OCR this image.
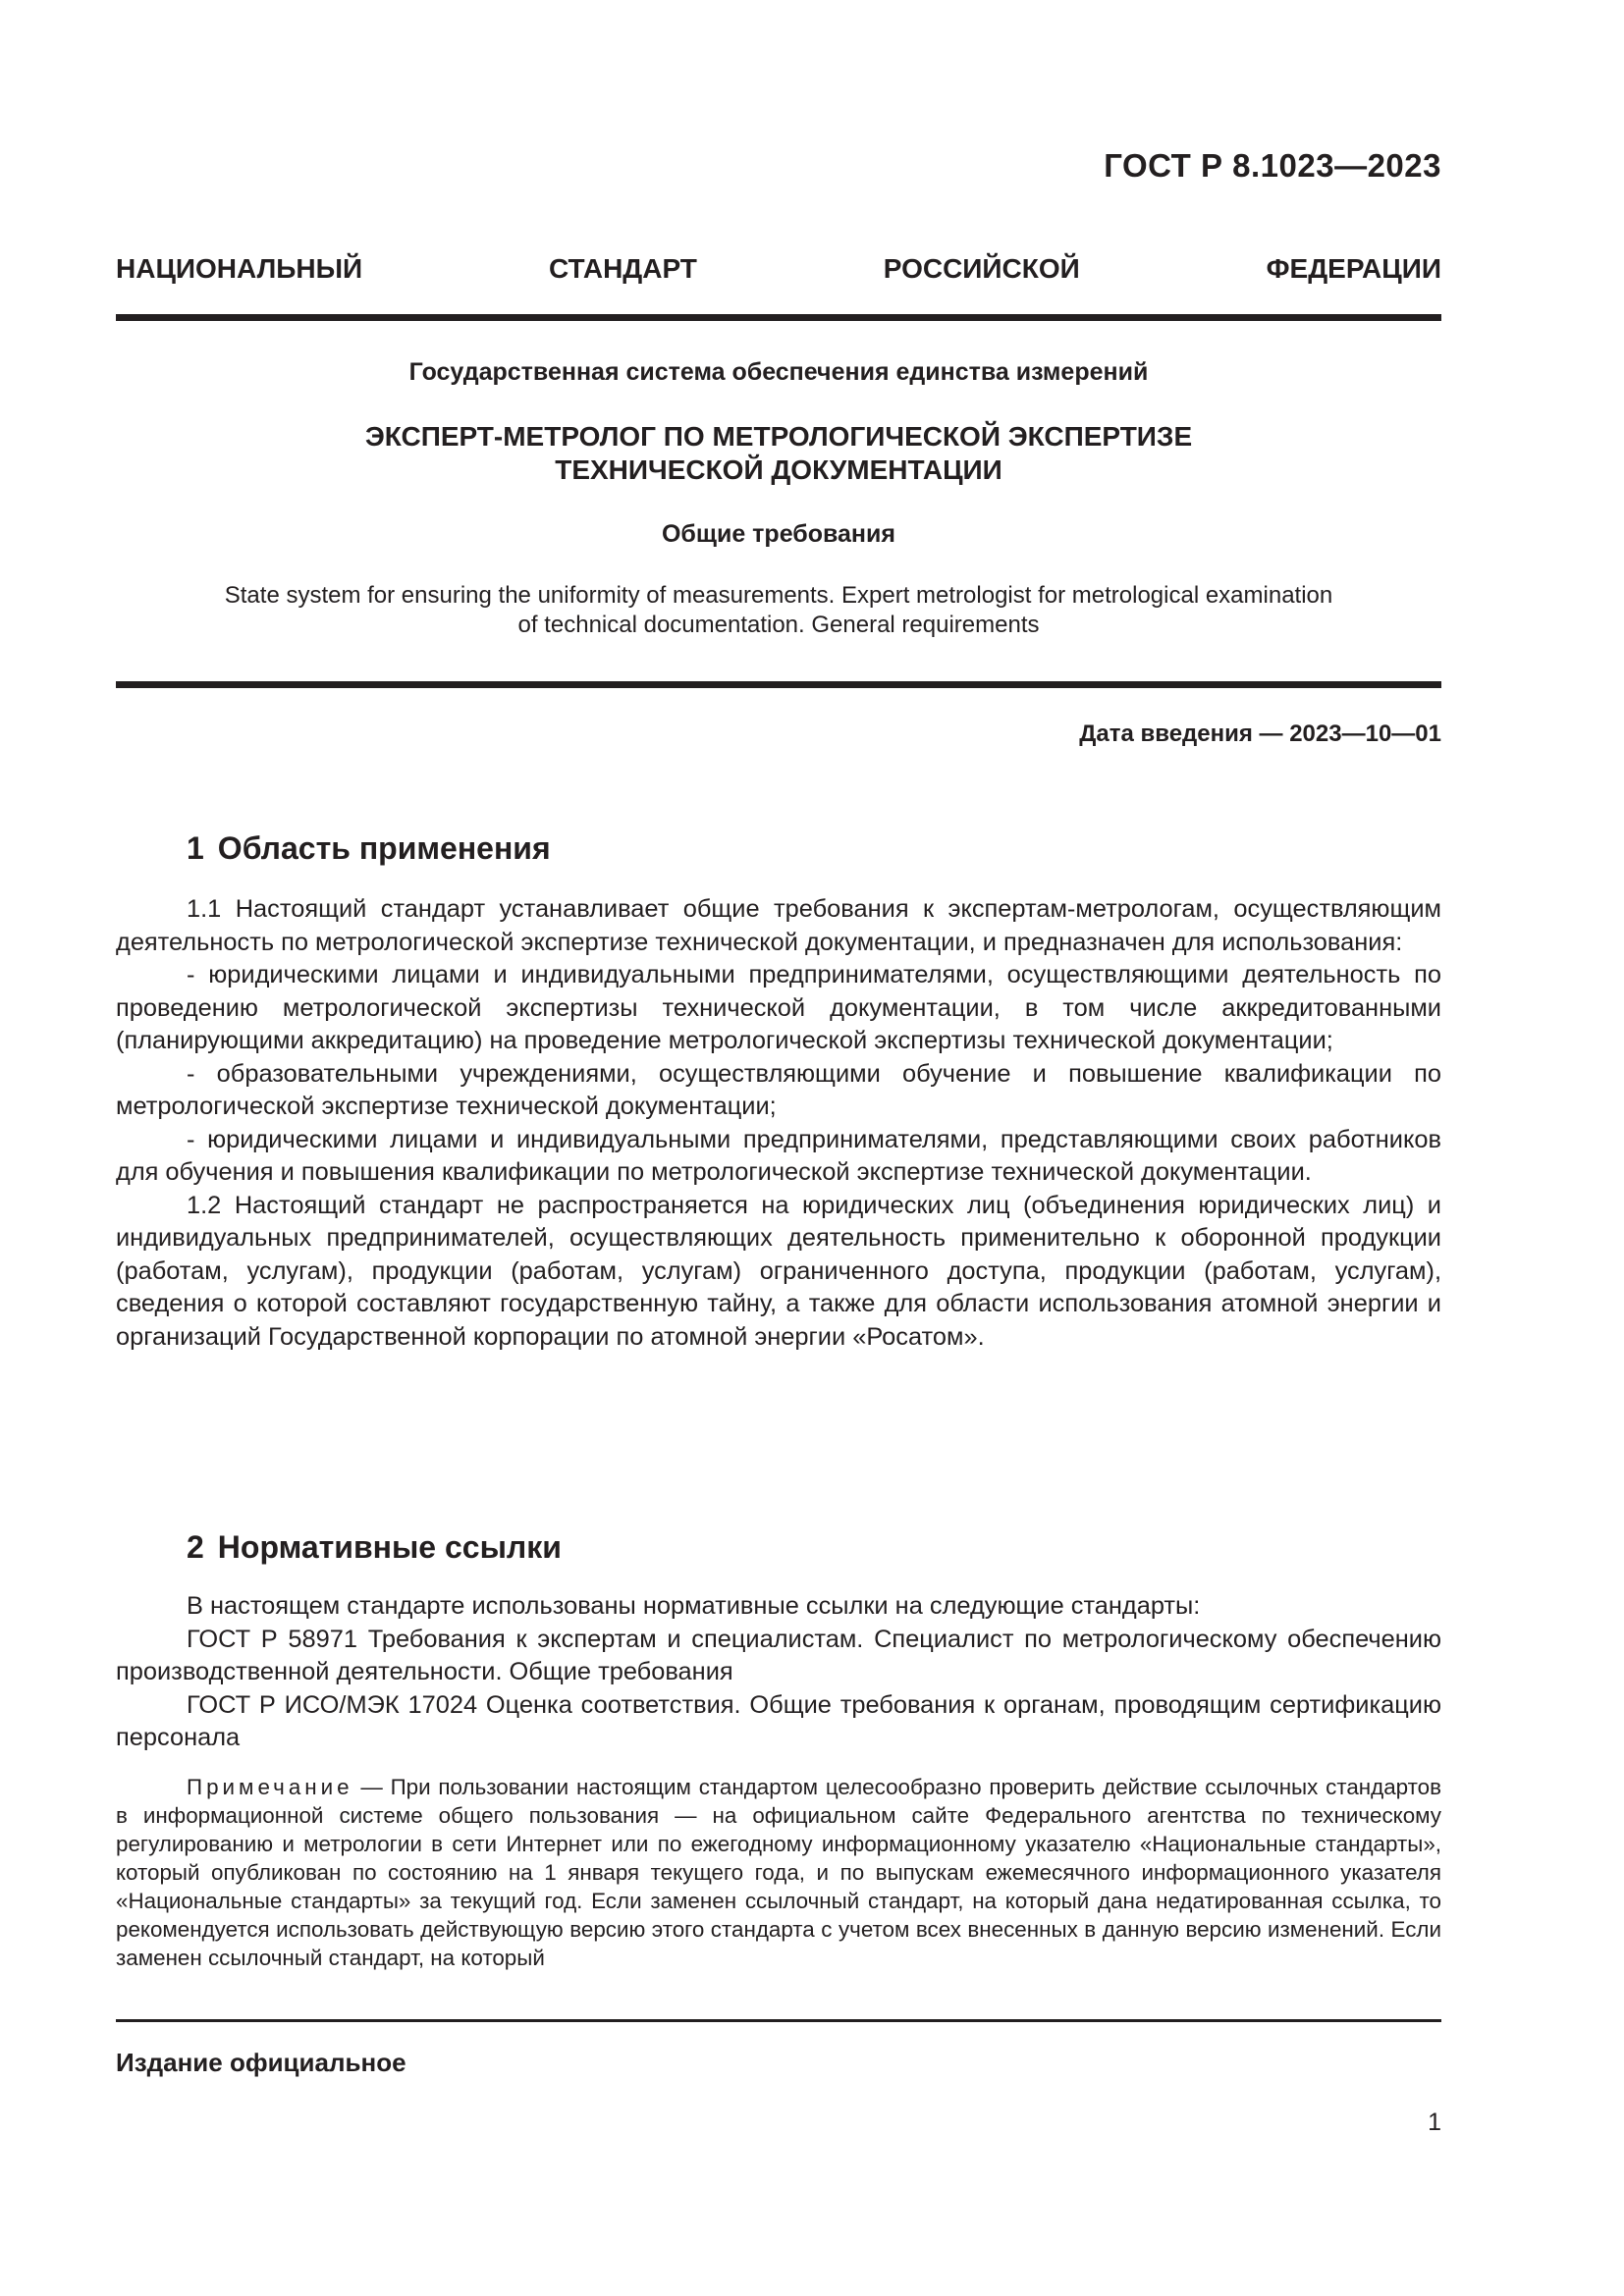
ГОСТ Р 8.1023—2023
НАЦИОНАЛЬНЫЙ	СТАНДАРТ	РОССИЙСКОЙ	ФЕДЕРАЦИИ
Государственная система обеспечения единства измерений
ЭКСПЕРТ-МЕТРОЛОГ ПО МЕТРОЛОГИЧЕСКОЙ ЭКСПЕРТИЗЕ
ТЕХНИЧЕСКОЙ ДОКУМЕНТАЦИИ
Общие требования
State system for ensuring the uniformity of measurements. Expert metrologist for metrological examination
of technical documentation. General requirements
Дата введения — 2023—10—01
1 Область применения

1.1 Настоящий стандарт устанавливает общие требования к экспертам-метрологам, осуществляющим деятельность по метрологической экспертизе технической документации, и предназначен для использования:

- юридическими лицами и индивидуальными предпринимателями, осуществляющими деятельность по проведению метрологической экспертизы технической документации, в том числе аккредитованными (планирующими аккредитацию) на проведение метрологической экспертизы технической документации;

- образовательными учреждениями, осуществляющими обучение и повышение квалификации по метрологической экспертизе технической документации;

- юридическими лицами и индивидуальными предпринимателями, представляющими своих работников для обучения и повышения квалификации по метрологической экспертизе технической документации.

1.2 Настоящий стандарт не распространяется на юридических лиц (объединения юридических лиц) и индивидуальных предпринимателей, осуществляющих деятельность применительно к оборонной продукции (работам, услугам), продукции (работам, услугам) ограниченного доступа, продукции (работам, услугам), сведения о которой составляют государственную тайну, а также для области использования атомной энергии и организаций Государственной корпорации по атомной энергии «Росатом».

2 Нормативные ссылки

В настоящем стандарте использованы нормативные ссылки на следующие стандарты:

ГОСТ Р 58971 Требования к экспертам и специалистам. Специалист по метрологическому обеспечению производственной деятельности. Общие требования

ГОСТ Р ИСО/МЭК 17024 Оценка соответствия. Общие требования к органам, проводящим сертификацию персонала

Примечание — При пользовании настоящим стандартом целесообразно проверить действие ссылочных стандартов в информационной системе общего пользования — на официальном сайте Федерального агентства по техническому регулированию и метрологии в сети Интернет или по ежегодному информационному указателю «Национальные стандарты», который опубликован по состоянию на 1 января текущего года, и по выпускам ежемесячного информационного указателя «Национальные стандарты» за текущий год. Если заменен ссылочный стандарт, на который дана недатированная ссылка, то рекомендуется использовать действующую версию этого стандарта с учетом всех внесенных в данную версию изменений. Если заменен ссылочный стандарт, на который

Издание официальное
1
